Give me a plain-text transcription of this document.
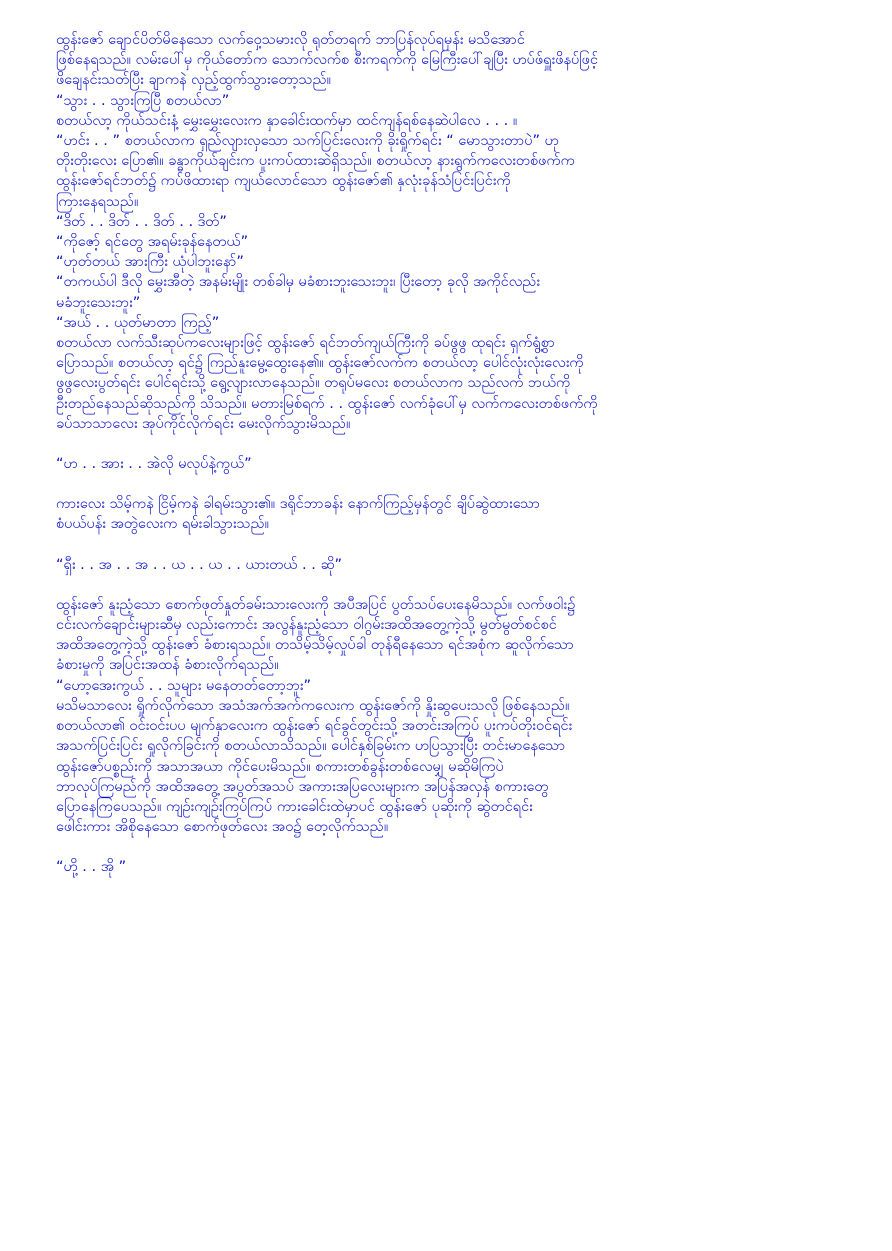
ထွန်းဇော် ချောင်ပိတ်မိနေသော လက်ဝှေ့သမားလို ရုတ်တရက် ဘာပြန်လုပ်ရမှန်း မသိအောင်
ဖြစ်နေရသည်။ လမ်းပေါ်မှ ကိုယ်တော်က သောက်လက်စ စီးကရက်ကို မြေကြီးပေါ်ချပြီး ဟပ်ဖ်ရှူးဖိနပ်ဖြင့်
ဖိချေနင်းသတ်ပြီး ချာကနဲ လှည့်ထွက်သွားတော့သည်။

“သွား . . သွားကြပြီ စတယ်လာ”

စတယ်လာ့ ကိုယ်သင်းနံ့ မွှေးမွှေးလေးက နှာခေါင်းထက်မှာ ထင်ကျန်ရစ်နေဆဲပါလေ . . . ။

“ဟင်း . . ” စတယ်လာက ရှည်လျားလှသော သက်ပြင်းလေးကို ခိုးရှိုက်ရင်း “ မောသွားတာပဲ” ဟု
တိုးတိုးလေး ပြော၏။ ခန္ဓာကိုယ်ချင်းက ပူးကပ်ထားဆဲရှိသည်။ စတယ်လာ့ နားရွက်ကလေးတစ်ဖက်က
ထွန်းဇော်ရင်ဘတ်၌ ကပ်ဖိထားရာ ကျယ်လောင်သော ထွန်းဇော်၏ နှလုံးခုန်သံပြင်းပြင်းကို
ကြားနေရသည်။

“ဒိတ် . . ဒိတ် . . ဒိတ် . . ဒိတ်”

“ကိုဇော့် ရင်တွေ အရမ်းခုန်နေတယ်”

“ဟုတ်တယ် အားကြီး ယုံပါဘူးနော်”

“တကယ်ပါ ဒီလို မွှေးအီတဲ့ အနမ်းမျိုး တစ်ခါမှ မခံစားဘူးသေးဘူး၊ ပြီးတော့ ခုလို အကိုင်လည်း
မခံဘူးသေးဘူး”

“အယ် . . ယုတ်မာတာ ကြည့်”

စတယ်လာ လက်သီးဆုပ်ကလေးများဖြင့် ထွန်းဇော် ရင်ဘတ်ကျယ်ကြီးကို ခပ်ဖွဖွ ထုရင်း ရှက်ရွံ့စွာ
ပြောသည်။ စတယ်လာ့ ရင်၌ ကြည်နူးမွေ့ထွေးနေ၏။ ထွန်းဇော်လက်က စတယ်လာ့ ပေါင်လုံးလုံးလေးကို
ဖွဖွလေးပွတ်ရင်း ပေါင်ရင်းသို့ ရွေ့လျားလာနေသည်။ တရုပ်မလေး စတယ်လာက သည်လက် ဘယ်ကို
ဦးတည်နေသည်ဆိုသည်ကို သိသည်။ မတားမြစ်ရက် . . ထွန်းဇော် လက်ခုံပေါ်မှ လက်ကလေးတစ်ဖက်ကို
ခပ်သာသာလေး အုပ်ကိုင်လိုက်ရင်း မေးလိုက်သွားမိသည်။

“ဟ . . အား . . အဲလို မလုပ်နဲ့ကွယ်”

ကားလေး သိမ့်ကနဲ ငြိမ့်ကနဲ ခါရမ်းသွား၏။ ဒရိုင်ဘာခန်း နောက်ကြည့်မှန်တွင် ချိပ်ဆွဲထားသော
စံပယ်ပန်း အတွဲလေးက ရမ်းခါသွားသည်။

“ရှီး . . အ . . အ . . ယ . . ယ . . ယားတယ် . . ဆို”

ထွန်းဇော် နူးညံ့သော စောက်ဖုတ်နှုတ်ခမ်းသားလေးကို အပီအပြင် ပွတ်သပ်ပေးနေမိသည်။ လက်ဖဝါး၌
ငင်းလက်ချောင်းများဆီမှ လည်းကောင်း အလွန်နူးညံ့သော ဝါဂွမ်းအထိအတွေ့ကဲ့သို့ မွတ်မွတ်စင်စင်
အထိအတွေ့ကဲ့သို့ ထွန်းဇော် ခံစားရသည်။ တသိမ့်သိမ့်လှုပ်ခါ တုန်ရီနေသော ရင်အစုံက ဆူလိုက်သော
ခံစားမှုကို အပြင်းအထန် ခံစားလိုက်ရသည်။

“ဟော့အေးကွယ် . . သူများ မနေတတ်တော့ဘူး”

မသိမသာလေး ရှိုက်လိုက်သော အသံအက်အက်ကလေးက ထွန်းဇော်ကို နှိုးဆွပေးသလို ဖြစ်နေသည်။
စတယ်လာ၏ ဝင်းဝင်းပပ မျက်နှာလေးက ထွန်းဇော် ရင်ခွင်တွင်းသို့ အတင်းအကြပ် ပူးကပ်တိုးဝင်ရင်း
အသက်ပြင်းပြင်း ရှုလိုက်ခြင်းကို စတယ်လာသိသည်။ ပေါင်နှစ်ခြမ်းက ဟပြသွားပြီး တင်းမာနေသော
ထွန်းဇော်ပစ္စည်းကို အသာအယာ ကိုင်ပေးမိသည်။ စကားတစ်ခွန်းတစ်လေမျှ မဆိုမိကြပဲ
ဘာလုပ်ကြမည်ကို အထိအတွေ့ အပွတ်အသပ် အကားအပြလေးများက အပြန်အလှန် စကားတွေ
ပြောနေကြပေသည်။ ကျဉ်းကျဉ်းကြပ်ကြပ် ကားခေါင်းထဲမှာပင် ထွန်းဇော် ပုဆိုးကို ဆွဲတင်ရင်း
ဖေါင်းကား အိစိုနေသော စောက်ဖုတ်လေး အဝ၌ တေ့လိုက်သည်။

“ဟို့ . . အို ”
